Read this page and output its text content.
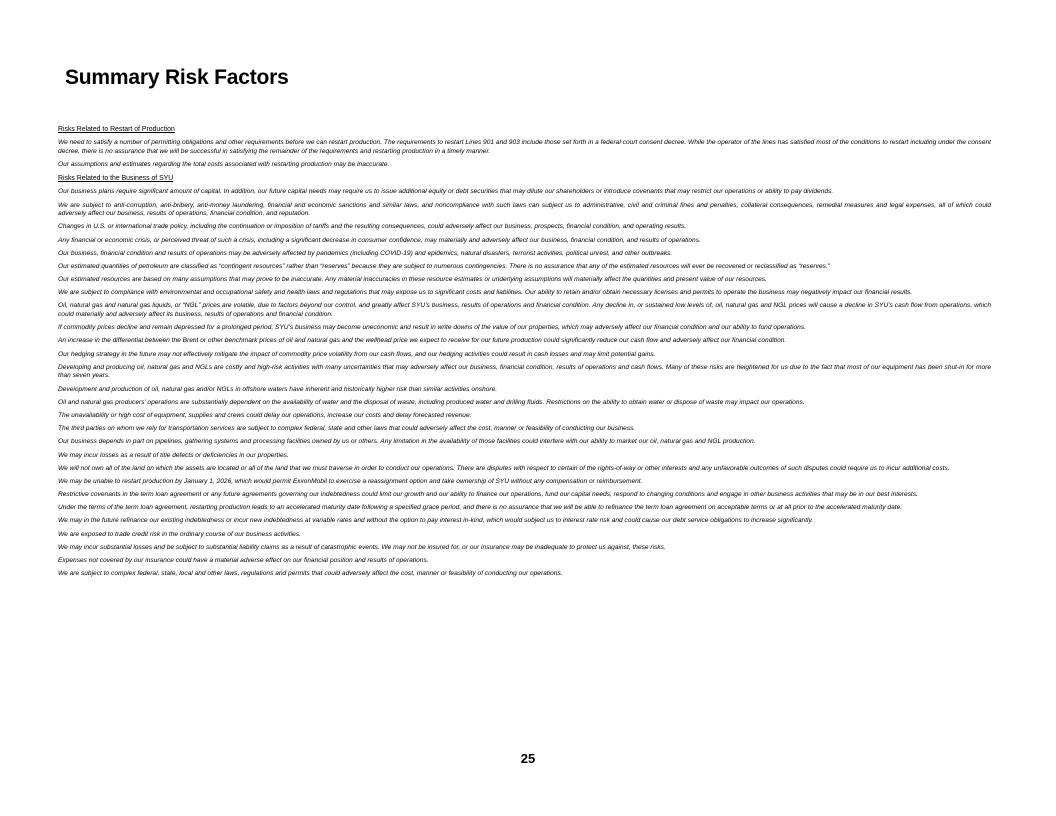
Summary Risk Factors
Risks Related to Restart of Production
We need to satisfy a number of permitting obligations and other requirements before we can restart production. The requirements to restart Lines 901 and 903 include those set forth in a federal court consent decree. While the operator of the lines has satisfied most of the conditions to restart including under the consent decree, there is no assurance that we will be successful in satisfying the remainder of the requirements and restarting production in a timely manner.
Our assumptions and estimates regarding the total costs associated with restarting production may be inaccurate.
Risks Related to the Business of SYU
Our business plans require significant amount of capital. In addition, our future capital needs may require us to issue additional equity or debt securities that may dilute our shareholders or introduce covenants that may restrict our operations or ability to pay dividends.
We are subject to anti-corruption, anti-bribery, anti-money laundering, financial and economic sanctions and similar laws, and noncompliance with such laws can subject us to administrative, civil and criminal fines and penalties, collateral consequences, remedial measures and legal expenses, all of which could adversely affect our business, results of operations, financial condition, and reputation.
Changes in U.S. or international trade policy, including the continuation or imposition of tariffs and the resulting consequences, could adversely affect our business, prospects, financial condition, and operating results.
Any financial or economic crisis, or perceived threat of such a crisis, including a significant decrease in consumer confidence, may materially and adversely affect our business, financial condition, and results of operations.
Our business, financial condition and results of operations may be adversely affected by pandemics (including COVID-19) and epidemics, natural disasters, terrorist activities, political unrest, and other outbreaks.
Our estimated quantities of petroleum are classified as “contingent resources” rather than “reserves” because they are subject to numerous contingencies. There is no assurance that any of the estimated resources will ever be recovered or reclassified as “reserves.”
Our estimated resources are based on many assumptions that may prove to be inaccurate. Any material inaccuracies in these resource estimates or underlying assumptions will materially affect the quantities and present value of our resources.
We are subject to compliance with environmental and occupational safety and health laws and regulations that may expose us to significant costs and liabilities. Our ability to retain and/or obtain necessary licenses and permits to operate the business may negatively impact our financial results.
Oil, natural gas and natural gas liquids, or “NGL” prices are volatile, due to factors beyond our control, and greatly affect SYU’s business, results of operations and financial condition. Any decline in, or sustained low levels of, oil, natural gas and NGL prices will cause a decline in SYU’s cash flow from operations, which could materially and adversely affect its business, results of operations and financial condition.
If commodity prices decline and remain depressed for a prolonged period, SYU’s business may become uneconomic and result in write downs of the value of our properties, which may adversely affect our financial condition and our ability to fund operations.
An increase in the differential between the Brent or other benchmark prices of oil and natural gas and the wellhead price we expect to receive for our future production could significantly reduce our cash flow and adversely affect our financial condition.
Our hedging strategy in the future may not effectively mitigate the impact of commodity price volatility from our cash flows, and our hedging activities could result in cash losses and may limit potential gains.
Developing and producing oil, natural gas and NGLs are costly and high-risk activities with many uncertainties that may adversely affect our business, financial condition, results of operations and cash flows. Many of these risks are heightened for us due to the fact that most of our equipment has been shut-in for more than seven years.
Development and production of oil, natural gas and/or NGLs in offshore waters have inherent and historically higher risk than similar activities onshore.
Oil and natural gas producers’ operations are substantially dependent on the availability of water and the disposal of waste, including produced water and drilling fluids. Restrictions on the ability to obtain water or dispose of waste may impact our operations.
The unavailability or high cost of equipment, supplies and crews could delay our operations, increase our costs and delay forecasted revenue.
The third parties on whom we rely for transportation services are subject to complex federal, state and other laws that could adversely affect the cost, manner or feasibility of conducting our business.
Our business depends in part on pipelines, gathering systems and processing facilities owned by us or others. Any limitation in the availability of those facilities could interfere with our ability to market our oil, natural gas and NGL production.
We may incur losses as a result of title defects or deficiencies in our properties.
We will not own all of the land on which the assets are located or all of the land that we must traverse in order to conduct our operations. There are disputes with respect to certain of the rights-of-way or other interests and any unfavorable outcomes of such disputes could require us to incur additional costs.
We may be unable to restart production by January 1, 2026, which would permit ExxonMobil to exercise a reassignment option and take ownership of SYU without any compensation or reimbursement.
Restrictive covenants in the term loan agreement or any future agreements governing our indebtedness could limit our growth and our ability to finance our operations, fund our capital needs, respond to changing conditions and engage in other business activities that may be in our best interests.
Under the terms of the term loan agreement, restarting production leads to an accelerated maturity date following a specified grace period, and there is no assurance that we will be able to refinance the term loan agreement on acceptable terms or at all prior to the accelerated maturity date.
We may in the future refinance our existing indebtedness or incur new indebtedness at variable rates and without the option to pay interest in-kind, which would subject us to interest rate risk and could cause our debt service obligations to increase significantly.
We are exposed to trade credit risk in the ordinary course of our business activities.
We may incur substantial losses and be subject to substantial liability claims as a result of catastrophic events. We may not be insured for, or our insurance may be inadequate to protect us against, these risks.
Expenses not covered by our insurance could have a material adverse effect on our financial position and results of operations.
We are subject to complex federal, state, local and other laws, regulations and permits that could adversely affect the cost, manner or feasibility of conducting our operations.
25
